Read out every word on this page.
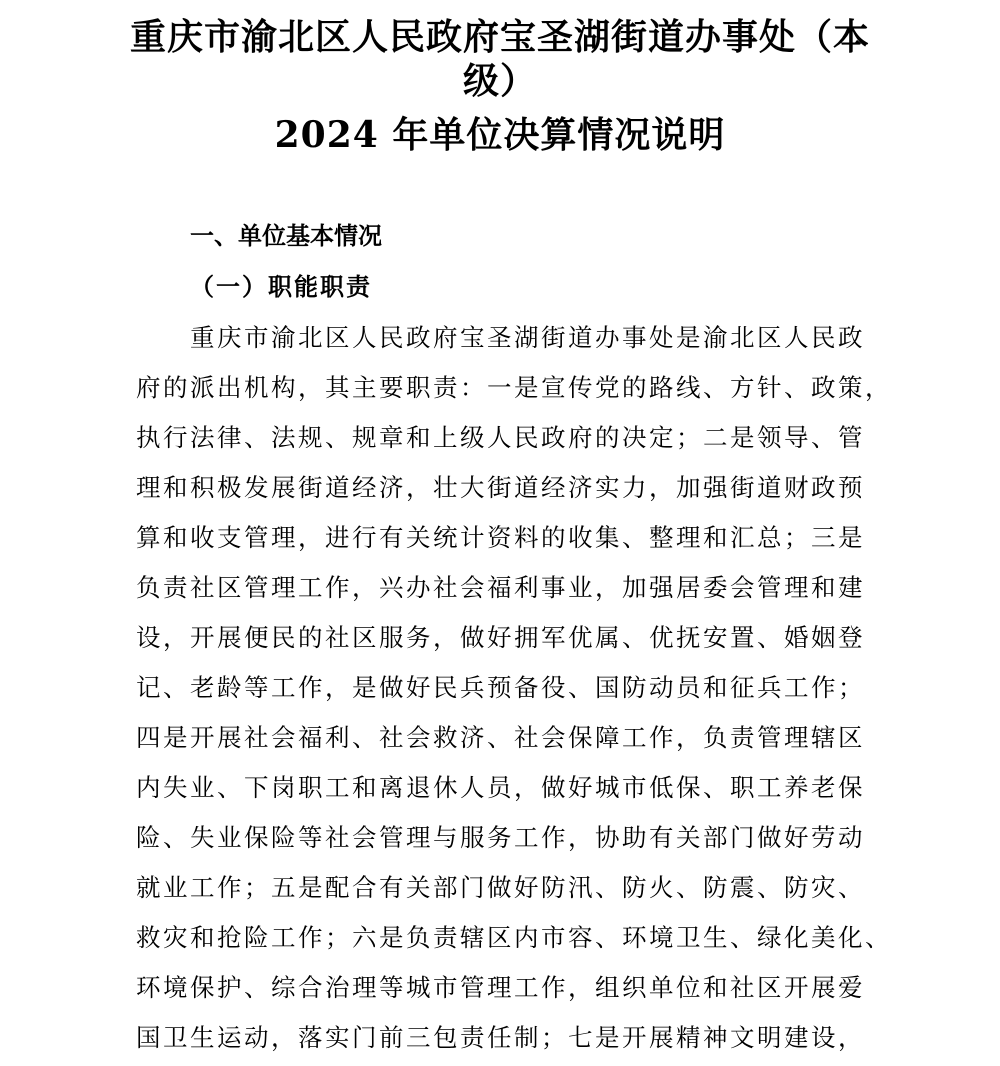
重庆市渝北区人民政府宝圣湖街道办事处（本
级）
2024 年单位决算情况说明
一、单位基本情况
（一）职能职责

重庆市渝北区人民政府宝圣湖街道办事处是渝北区人民政

府的派出机构，其主要职责：一是宣传党的路线、方针、政策，

执行法律、法规、规章和上级人民政府的决定；二是领导、管

理和积极发展街道经济，壮大街道经济实力，加强街道财政预

算和收支管理，进行有关统计资料的收集、整理和汇总；三是

负责社区管理工作，兴办社会福利事业，加强居委会管理和建

设，开展便民的社区服务，做好拥军优属、优抚安置、婚姻登

记、老龄等工作，是做好民兵预备役、国防动员和征兵工作；

四是开展社会福利、社会救济、社会保障工作，负责管理辖区

内失业、下岗职工和离退休人员，做好城市低保、职工养老保

险、失业保险等社会管理与服务工作，协助有关部门做好劳动

就业工作；五是配合有关部门做好防汛、防火、防震、防灾、

救灾和抢险工作；六是负责辖区内市容、环境卫生、绿化美化、

环境保护、综合治理等城市管理工作，组织单位和社区开展爱

国卫生运动，落实门前三包责任制；七是开展精神文明建设，
